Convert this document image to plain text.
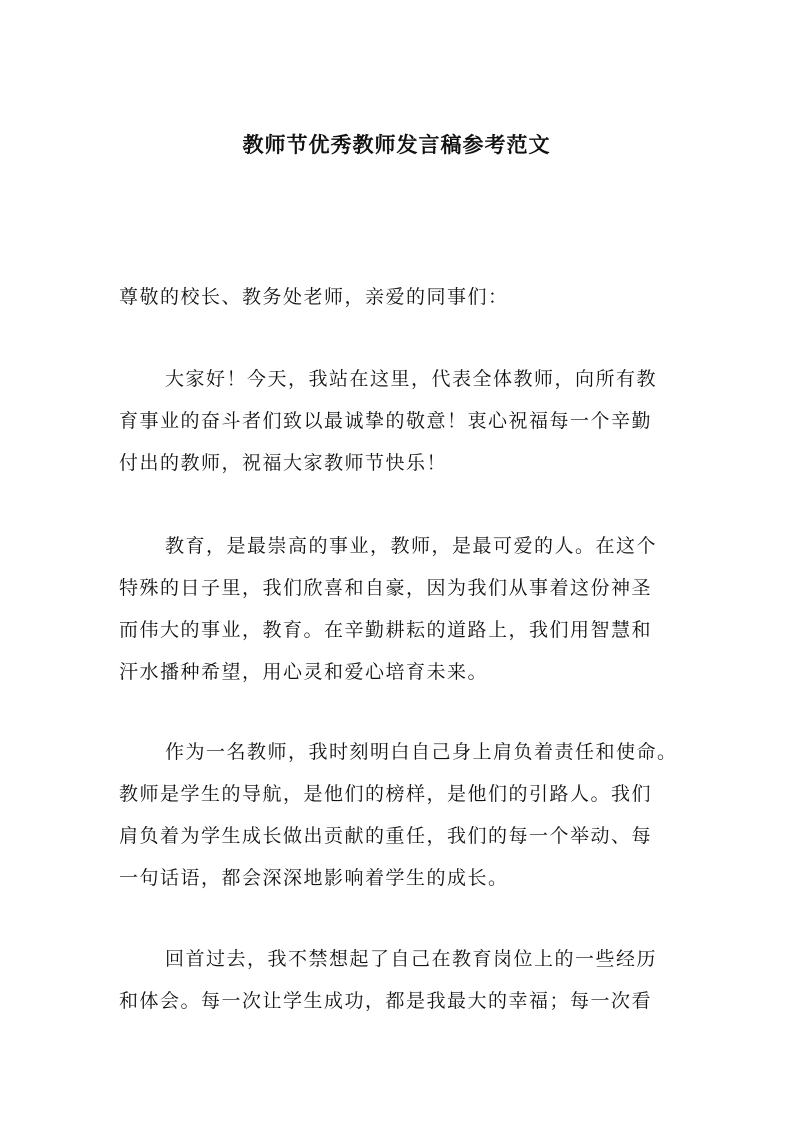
教师节优秀教师发言稿参考范文
尊敬的校长、教务处老师，亲爱的同事们：
大家好！今天，我站在这里，代表全体教师，向所有教
育事业的奋斗者们致以最诚挚的敬意！衷心祝福每一个辛勤
付出的教师，祝福大家教师节快乐！
教育，是最崇高的事业，教师，是最可爱的人。在这个
特殊的日子里，我们欣喜和自豪，因为我们从事着这份神圣
而伟大的事业，教育。在辛勤耕耘的道路上，我们用智慧和
汗水播种希望，用心灵和爱心培育未来。
作为一名教师，我时刻明白自己身上肩负着责任和使命。
教师是学生的导航，是他们的榜样，是他们的引路人。我们
肩负着为学生成长做出贡献的重任，我们的每一个举动、每
一句话语，都会深深地影响着学生的成长。
回首过去，我不禁想起了自己在教育岗位上的一些经历
和体会。每一次让学生成功，都是我最大的幸福；每一次看
